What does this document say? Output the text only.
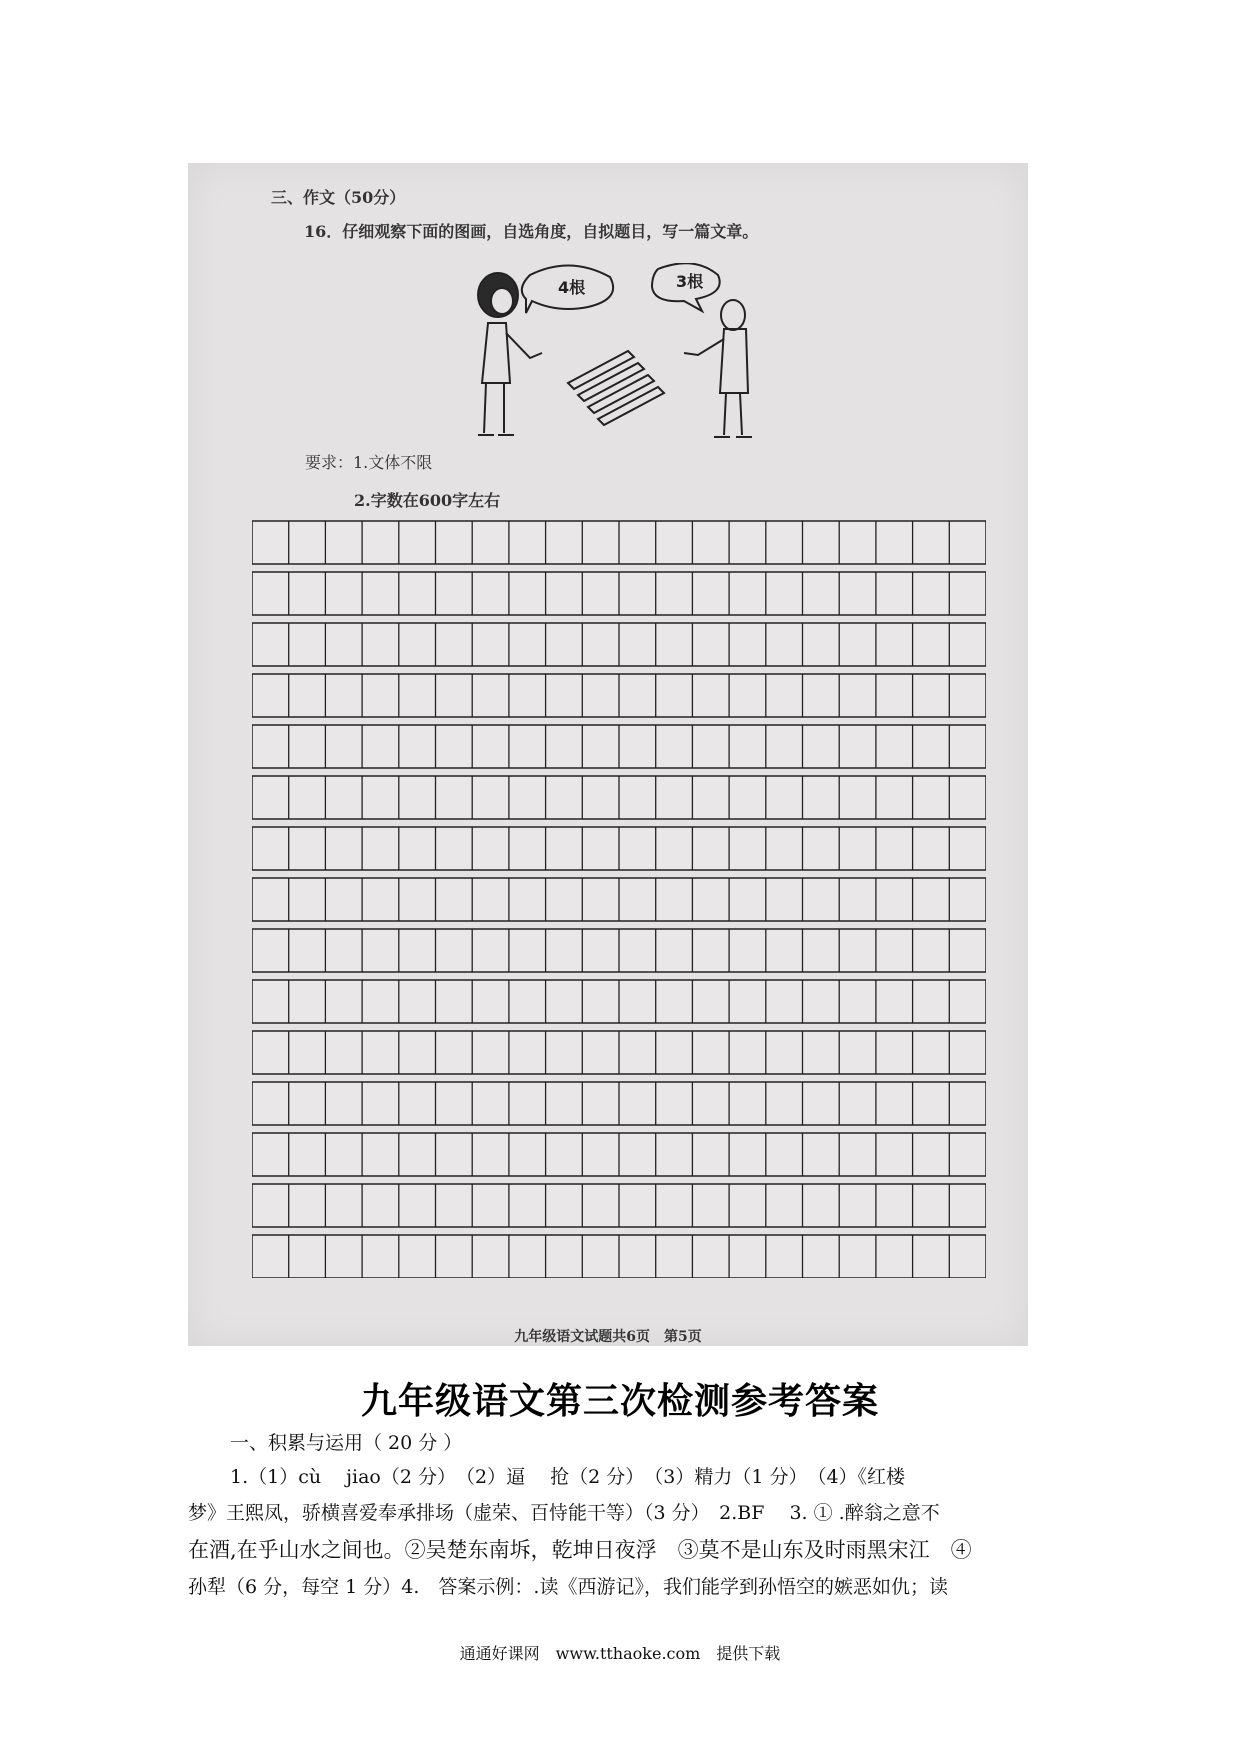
三、作文（50分）
16．仔细观察下面的图画，自选角度，自拟题目，写一篇文章。
4根	3根
要求：1.文体不限
2.字数在600字左右
九年级语文试题共6页　第5页
九年级语文第三次检测参考答案
一、积累与运用（ 20 分 ）
1.（1）cù　 jiao（2 分）　（2）逼　 抢（2 分）　（3）精力（1 分）　（4）《红楼
梦》王熙凤，骄横喜爱奉承排场（虚荣、百恃能干等）（3 分）　2.BF　 3. ① .醉翁之意不
在酒,在乎山水之间也。②吴楚东南坼，乾坤日夜浮　③莫不是山东及时雨黑宋江　④
孙犁（6 分，每空 1 分）4.　答案示例：.读《西游记》，我们能学到孙悟空的嫉恶如仇；读
通通好课网　www.tthaoke.com　提供下载
